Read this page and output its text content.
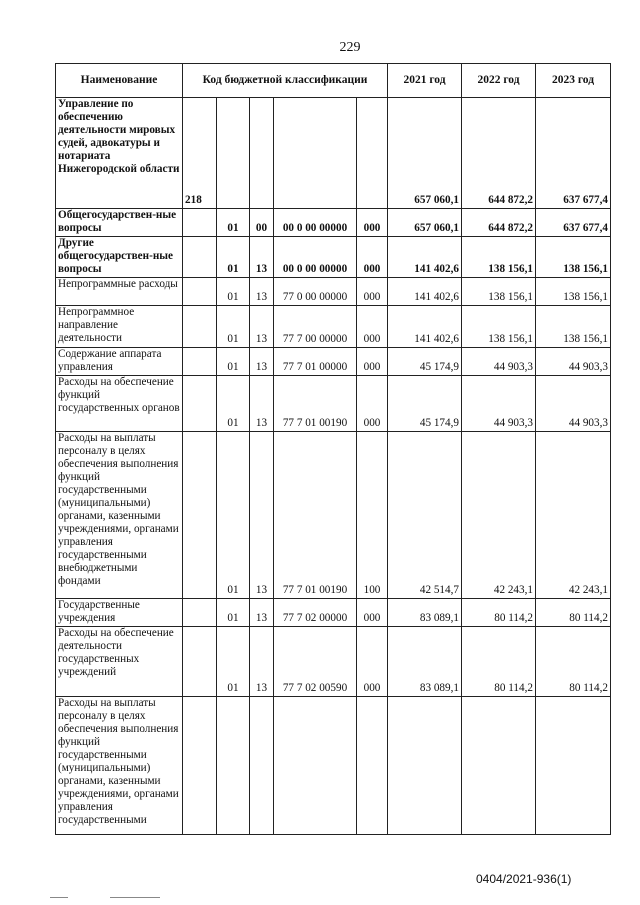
229
Наименование	Код бюджетной классификации					2021 год	2022 год	2023 год
Управление по обеспечению деятельности мировых судей, адвокатуры и нотариата Нижегородской области	218					657 060,1	644 872,2	637 677,4
Общегосударствен-ные вопросы		01	00	00 0 00 00000	000	657 060,1	644 872,2	637 677,4
Другие общегосударствен-ные вопросы		01	13	00 0 00 00000	000	141 402,6	138 156,1	138 156,1
Непрограммные расходы		01	13	77 0 00 00000	000	141 402,6	138 156,1	138 156,1
Непрограммное направление деятельности		01	13	77 7 00 00000	000	141 402,6	138 156,1	138 156,1
Содержание аппарата управления		01	13	77 7 01 00000	000	45 174,9	44 903,3	44 903,3
Расходы на обеспечение функций государственных органов		01	13	77 7 01 00190	000	45 174,9	44 903,3	44 903,3
Расходы на выплаты персоналу в целях обеспечения выполнения функций государственными (муниципальными) органами, казенными учреждениями, органами управления государственными внебюджетными фондами		01	13	77 7 01 00190	100	42 514,7	42 243,1	42 243,1
Государственные учреждения		01	13	77 7 02 00000	000	83 089,1	80 114,2	80 114,2
Расходы на обеспечение деятельности государственных учреждений		01	13	77 7 02 00590	000	83 089,1	80 114,2	80 114,2
Расходы на выплаты персоналу в целях обеспечения выполнения функций государственными (муниципальными) органами, казенными учреждениями, органами управления государственными								
0404/2021-936(1)
